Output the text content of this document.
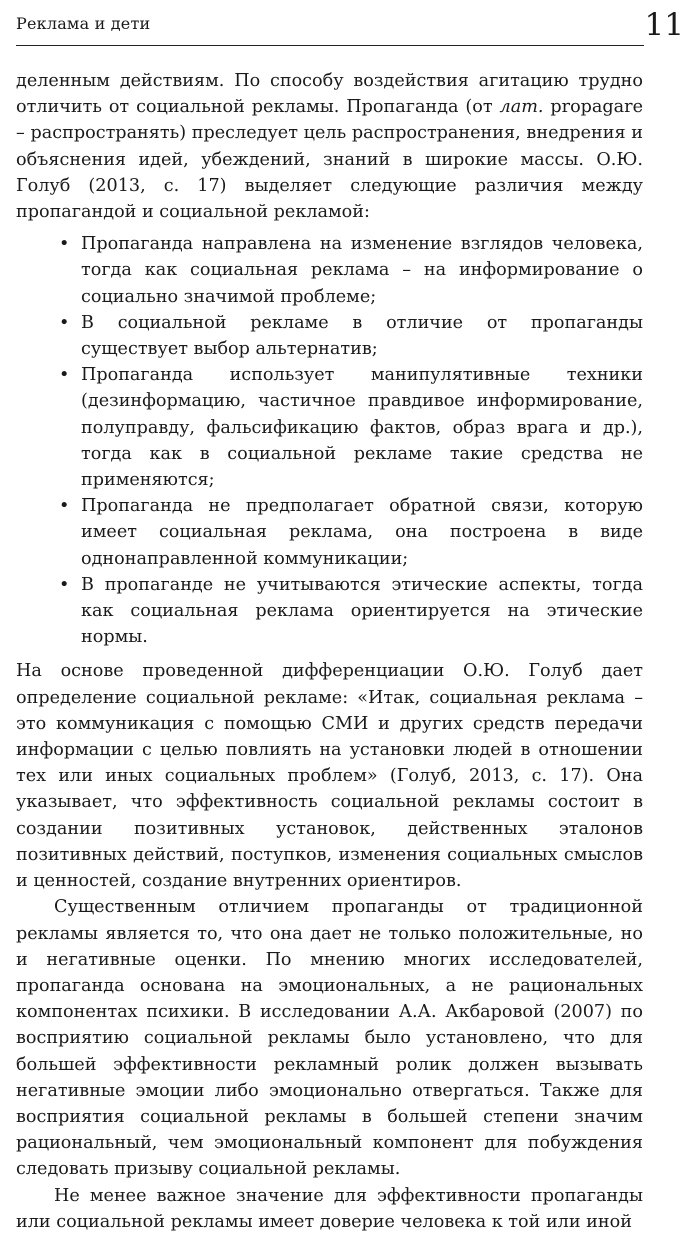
Реклама и дети	11

деленным действиям. По способу воздействия агитацию трудно отличить от социальной рекламы. Пропаганда (от лат. propagare – распространять) преследует цель распространения, внедрения и объяснения идей, убеждений, знаний в широкие массы. О.Ю. Голуб (2013, с. 17) выделяет следующие различия между пропагандой и социальной рекламой:

• Пропаганда направлена на изменение взглядов человека, тогда как социальная реклама – на информирование о социально значимой проблеме;
• В социальной рекламе в отличие от пропаганды существует выбор альтернатив;
• Пропаганда использует манипулятивные техники (дезинформацию, частичное правдивое информирование, полуправду, фальсификацию фактов, образ врага и др.), тогда как в социальной рекламе такие средства не применяются;
• Пропаганда не предполагает обратной связи, которую имеет социальная реклама, она построена в виде однонаправленной коммуникации;
• В пропаганде не учитываются этические аспекты, тогда как социальная реклама ориентируется на этические нормы.

На основе проведенной дифференциации О.Ю. Голуб дает определение социальной рекламе: «Итак, социальная реклама – это коммуникация с помощью СМИ и других средств передачи информации с целью повлиять на установки людей в отношении тех или иных социальных проблем» (Голуб, 2013, с. 17). Она указывает, что эффективность социальной рекламы состоит в создании позитивных установок, действенных эталонов позитивных действий, поступков, изменения социальных смыслов и ценностей, создание внутренних ориентиров.

Существенным отличием пропаганды от традиционной рекламы является то, что она дает не только положительные, но и негативные оценки. По мнению многих исследователей, пропаганда основана на эмоциональных, а не рациональных компонентах психики. В исследовании А.А. Акбаровой (2007) по восприятию социальной рекламы было установлено, что для большей эффективности рекламный ролик должен вызывать негативные эмоции либо эмоционально отвергаться. Также для восприятия социальной рекламы в большей степени значим рациональный, чем эмоциональный компонент для побуждения следовать призыву социальной рекламы.

Не менее важное значение для эффективности пропаганды или социальной рекламы имеет доверие человека к той или иной
